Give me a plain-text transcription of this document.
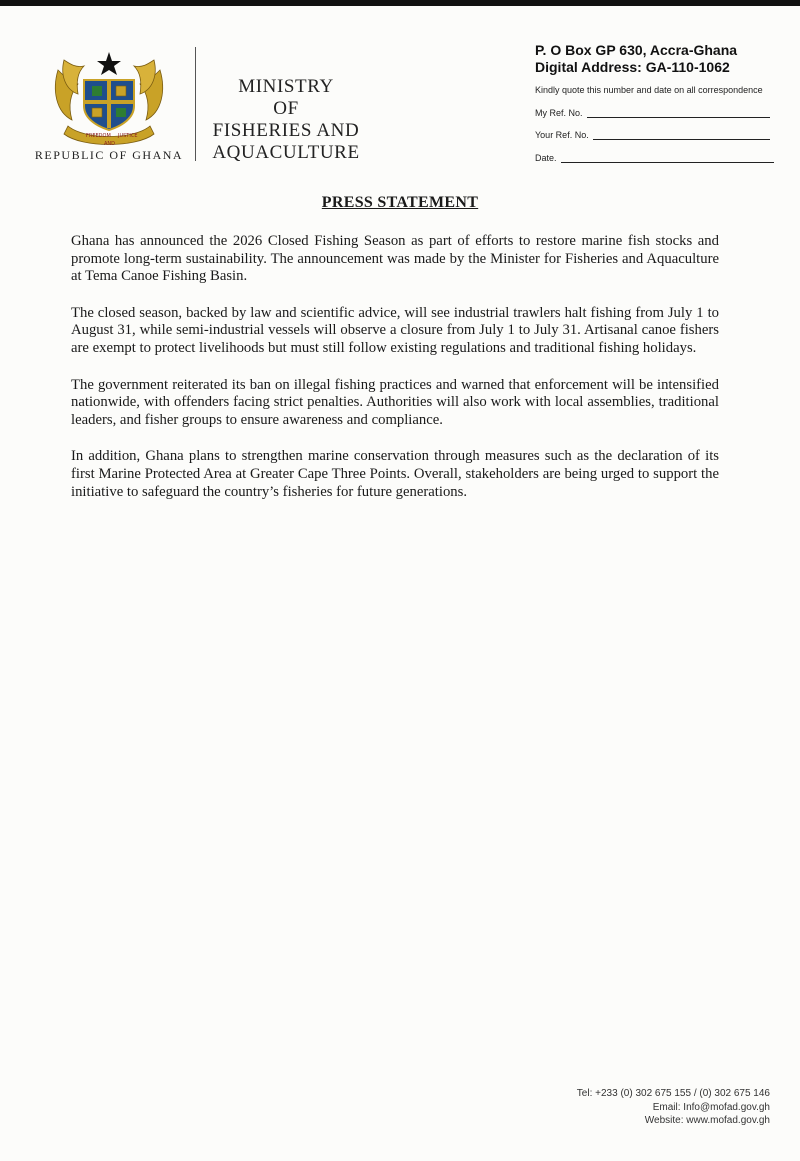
FREEDOM JUSTICE
AND
REPUBLIC OF GHANA
MINISTRY
OF
FISHERIES AND
AQUACULTURE
P. O Box GP 630, Accra-Ghana
Digital Address: GA-110-1062
Kindly quote this number and date on all correspondence
My Ref. No.
Your Ref. No.
Date.
PRESS STATEMENT

Ghana has announced the 2026 Closed Fishing Season as part of efforts to restore marine fish stocks and promote long-term sustainability. The announcement was made by the Minister for Fisheries and Aquaculture at Tema Canoe Fishing Basin.

The closed season, backed by law and scientific advice, will see industrial trawlers halt fishing from July 1 to August 31, while semi-industrial vessels will observe a closure from July 1 to July 31. Artisanal canoe fishers are exempt to protect livelihoods but must still follow existing regulations and traditional fishing holidays.

The government reiterated its ban on illegal fishing practices and warned that enforcement will be intensified nationwide, with offenders facing strict penalties. Authorities will also work with local assemblies, traditional leaders, and fisher groups to ensure awareness and compliance.

In addition, Ghana plans to strengthen marine conservation through measures such as the declaration of its first Marine Protected Area at Greater Cape Three Points. Overall, stakeholders are being urged to support the initiative to safeguard the country’s fisheries for future generations.

Tel: +233 (0) 302 675 155 / (0) 302 675 146
Email: Info@mofad.gov.gh
Website: www.mofad.gov.gh
